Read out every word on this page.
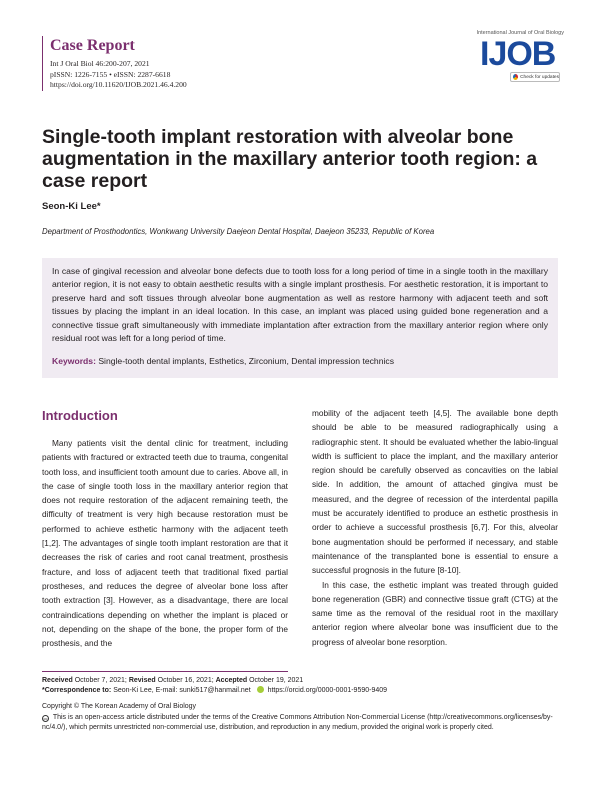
Case Report
Int J Oral Biol 46:200-207, 2021
pISSN: 1226-7155 • eISSN: 2287-6618
https://doi.org/10.11620/IJOB.2021.46.4.200
International Journal of Oral Biology
IJOB
Check for updates
Single-tooth implant restoration with alveolar bone augmentation in the maxillary anterior tooth region: a case report
Seon-Ki Lee*
Department of Prosthodontics, Wonkwang University Daejeon Dental Hospital, Daejeon 35233, Republic of Korea

In case of gingival recession and alveolar bone defects due to tooth loss for a long period of time in a single tooth in the maxillary anterior region, it is not easy to obtain aesthetic results with a single implant prosthesis. For aesthetic restoration, it is important to preserve hard and soft tissues through alveolar bone augmentation as well as restore harmony with adjacent teeth and soft tissues by placing the implant in an ideal location. In this case, an implant was placed using guided bone regeneration and a connective tissue graft simultaneously with immediate implantation after extraction from the maxillary anterior region where only residual root was left for a long period of time.

Keywords: Single-tooth dental implants, Esthetics, Zirconium, Dental impression technics

Introduction

Many patients visit the dental clinic for treatment, including patients with fractured or extracted teeth due to trauma, congenital tooth loss, and insufficient tooth amount due to caries. Above all, in the case of single tooth loss in the maxillary anterior region that does not require restoration of the adjacent remaining teeth, the difficulty of treatment is very high because restoration must be performed to achieve esthetic harmony with the adjacent teeth [1,2]. The advantages of single tooth implant restoration are that it decreases the risk of caries and root canal treatment, prosthesis fracture, and loss of adjacent teeth that traditional fixed partial prostheses, and reduces the degree of alveolar bone loss after tooth extraction [3]. However, as a disadvantage, there are local contraindications depending on whether the implant is placed or not, depending on the shape of the bone, the proper form of the prosthesis, and the

mobility of the adjacent teeth [4,5]. The available bone depth should be able to be measured radiographically using a radiographic stent. It should be evaluated whether the labio-lingual width is sufficient to place the implant, and the maxillary anterior region should be carefully observed as concavities on the labial side. In addition, the amount of attached gingiva must be measured, and the degree of recession of the interdental papilla must be accurately identified to produce an esthetic prosthesis in order to achieve a successful prosthesis [6,7]. For this, alveolar bone augmentation should be performed if necessary, and stable maintenance of the transplanted bone is essential to ensure a successful prognosis in the future [8-10].

In this case, the esthetic implant was treated through guided bone regeneration (GBR) and connective tissue graft (CTG) at the same time as the removal of the residual root in the maxillary anterior region where alveolar bone was insufficient due to the progress of alveolar bone resorption.

Received October 7, 2021; Revised October 16, 2021; Accepted October 19, 2021
*Correspondence to: Seon-Ki Lee, E-mail: sunki517@hanmail.net https://orcid.org/0000-0001-9590-9409
Copyright © The Korean Academy of Oral Biology
cc This is an open-access article distributed under the terms of the Creative Commons Attribution Non-Commercial License (http://creativecommons.org/licenses/by-nc/4.0/), which permits unrestricted non-commercial use, distribution, and reproduction in any medium, provided the original work is properly cited.
